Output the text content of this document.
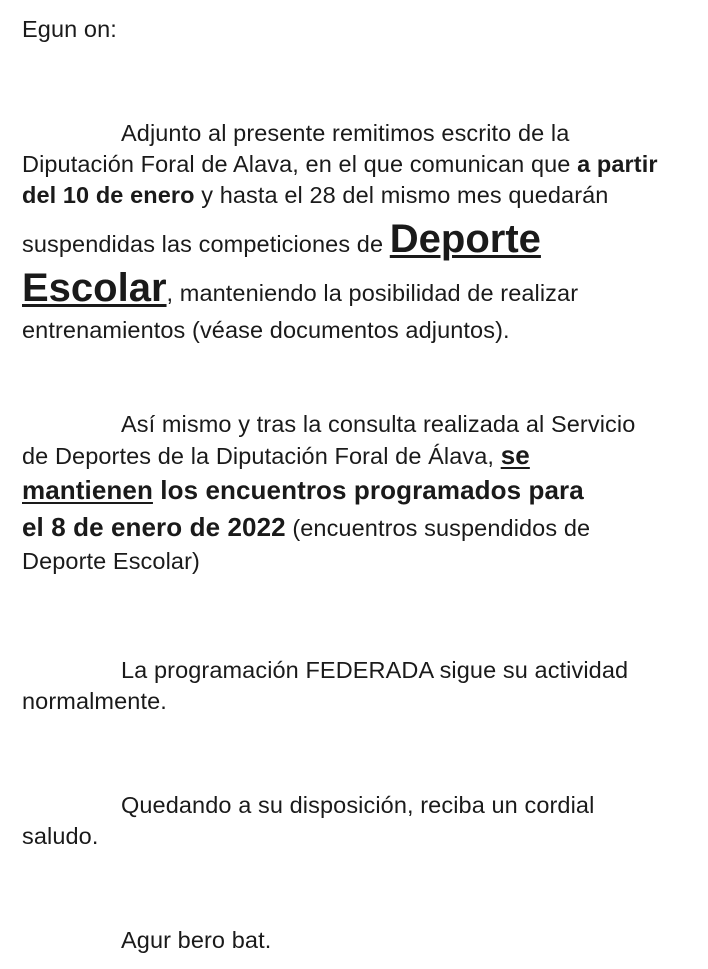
Egun on:
Adjunto al presente remitimos escrito de la
Diputación Foral de Alava, en el que comunican que a partir
del 10 de enero y hasta el 28 del mismo mes quedarán
suspendidas las competiciones de Deporte
Escolar, manteniendo la posibilidad de realizar
entrenamientos (véase documentos adjuntos).
Así mismo y tras la consulta realizada al Servicio
de Deportes de la Diputación Foral de Álava, se
mantienen los encuentros programados para
el 8 de enero de 2022 (encuentros suspendidos de
Deporte Escolar)
La programación FEDERADA sigue su actividad
normalmente.
Quedando a su disposición, reciba un cordial
saludo.
Agur bero bat.
